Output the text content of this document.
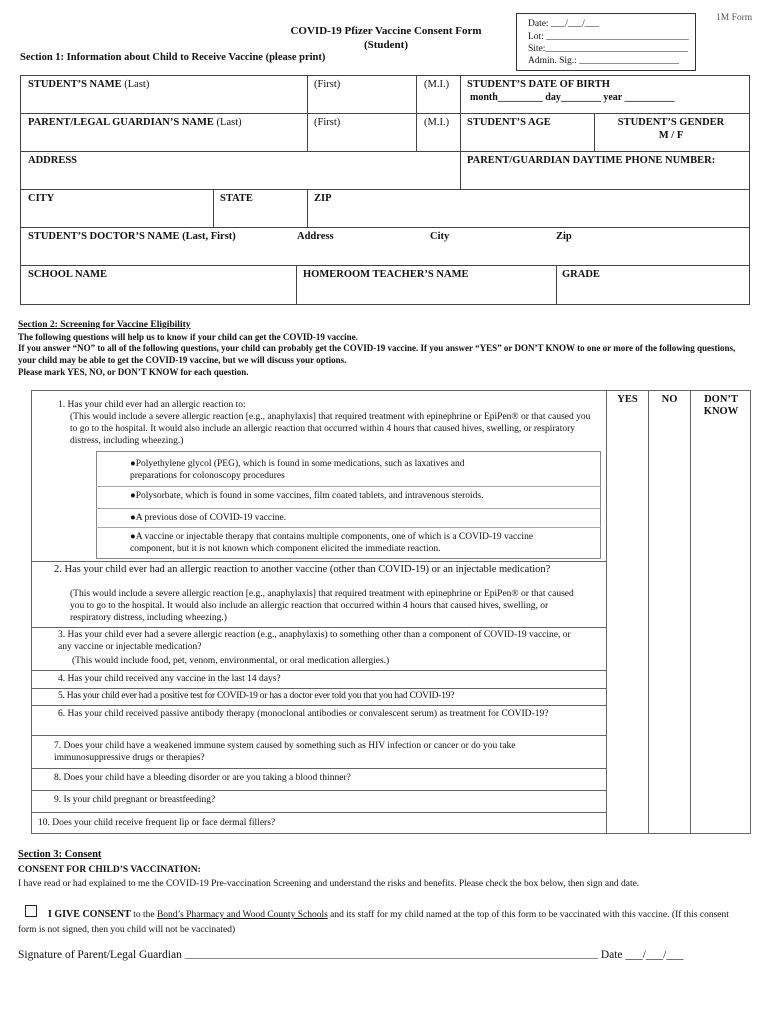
1M Form
COVID-19 Pfizer Vaccine Consent Form
(Student)
Date: ___/___/___
Lot: ______________________________
Site:______________________________
Admin. Sig.: _____________________
Section 1: Information about Child to Receive Vaccine (please print)
STUDENT’S NAME (Last)	(First)	(M.I.) STUDENT’S DATE OF BIRTH
month_________ day________ year __________
PARENT/LEGAL GUARDIAN’S NAME (Last)	(First)	(M.I.) STUDENT’S AGE	STUDENT’S GENDER
M / F
ADDRESS	PARENT/GUARDIAN DAYTIME PHONE NUMBER:
CITY	STATE	ZIP
STUDENT’S DOCTOR’S NAME (Last, First)	Address	City	Zip
SCHOOL NAME	HOMEROOM TEACHER’S NAME	GRADE
Section 2: Screening for Vaccine Eligibility
The following questions will help us to know if your child can get the COVID-19 vaccine.
If you answer “NO” to all of the following questions, your child can probably get the COVID-19 vaccine. If you answer “YES” or DON’T KNOW to one or more of the following questions, your child may be able to get the COVID-19 vaccine, but we will discuss your options.
Please mark YES, NO, or DON’T KNOW for each question.
YES	NO	DON’T KNOW
1. Has your child ever had an allergic reaction to:
(This would include a severe allergic reaction [e.g., anaphylaxis] that required treatment with epinephrine or EpiPen® or that caused you to go to the hospital. It would also include an allergic reaction that occurred within 4 hours that caused hives, swelling, or respiratory distress, including wheezing.)
●Polyethylene glycol (PEG), which is found in some medications, such as laxatives and preparations for colonoscopy procedures
●Polysorbate, which is found in some vaccines, film coated tablets, and intravenous steroids.
●A previous dose of COVID-19 vaccine.
●A vaccine or injectable therapy that contains multiple components, one of which is a COVID-19 vaccine component, but it is not known which component elicited the immediate reaction.
2. Has your child ever had an allergic reaction to another vaccine (other than COVID-19) or an injectable medication?
(This would include a severe allergic reaction [e.g., anaphylaxis] that required treatment with epinephrine or EpiPen® or that caused you to go to the hospital. It would also include an allergic reaction that occurred within 4 hours that caused hives, swelling, or respiratory distress, including wheezing.)
3. Has your child ever had a severe allergic reaction (e.g., anaphylaxis) to something other than a component of COVID-19 vaccine, or any vaccine or injectable medication?
(This would include food, pet, venom, environmental, or oral medication allergies.)
4. Has your child received any vaccine in the last 14 days?
5. Has your child ever had a positive test for COVID-19 or has a doctor ever told you that you had COVID-19?
6. Has your child received passive antibody therapy (monoclonal antibodies or convalescent serum) as treatment for COVID-19?
7. Does your child have a weakened immune system caused by something such as HIV infection or cancer or do you take immunosuppressive drugs or therapies?
8. Does your child have a bleeding disorder or are you taking a blood thinner?
9. Is your child pregnant or breastfeeding?
10. Does your child receive frequent lip or face dermal fillers?
Section 3: Consent
CONSENT FOR CHILD’S VACCINATION:
I have read or had explained to me the COVID-19 Pre-vaccination Screening and understand the risks and benefits. Please check the box below, then sign and date.
I GIVE CONSENT to the Bond’s Pharmacy and Wood County Schools and its staff for my child named at the top of this form to be vaccinated with this vaccine. (If this consent form is not signed, then you child will not be vaccinated)
Signature of Parent/Legal Guardian _______________________________________________________________________________________ Date ___/___/___
